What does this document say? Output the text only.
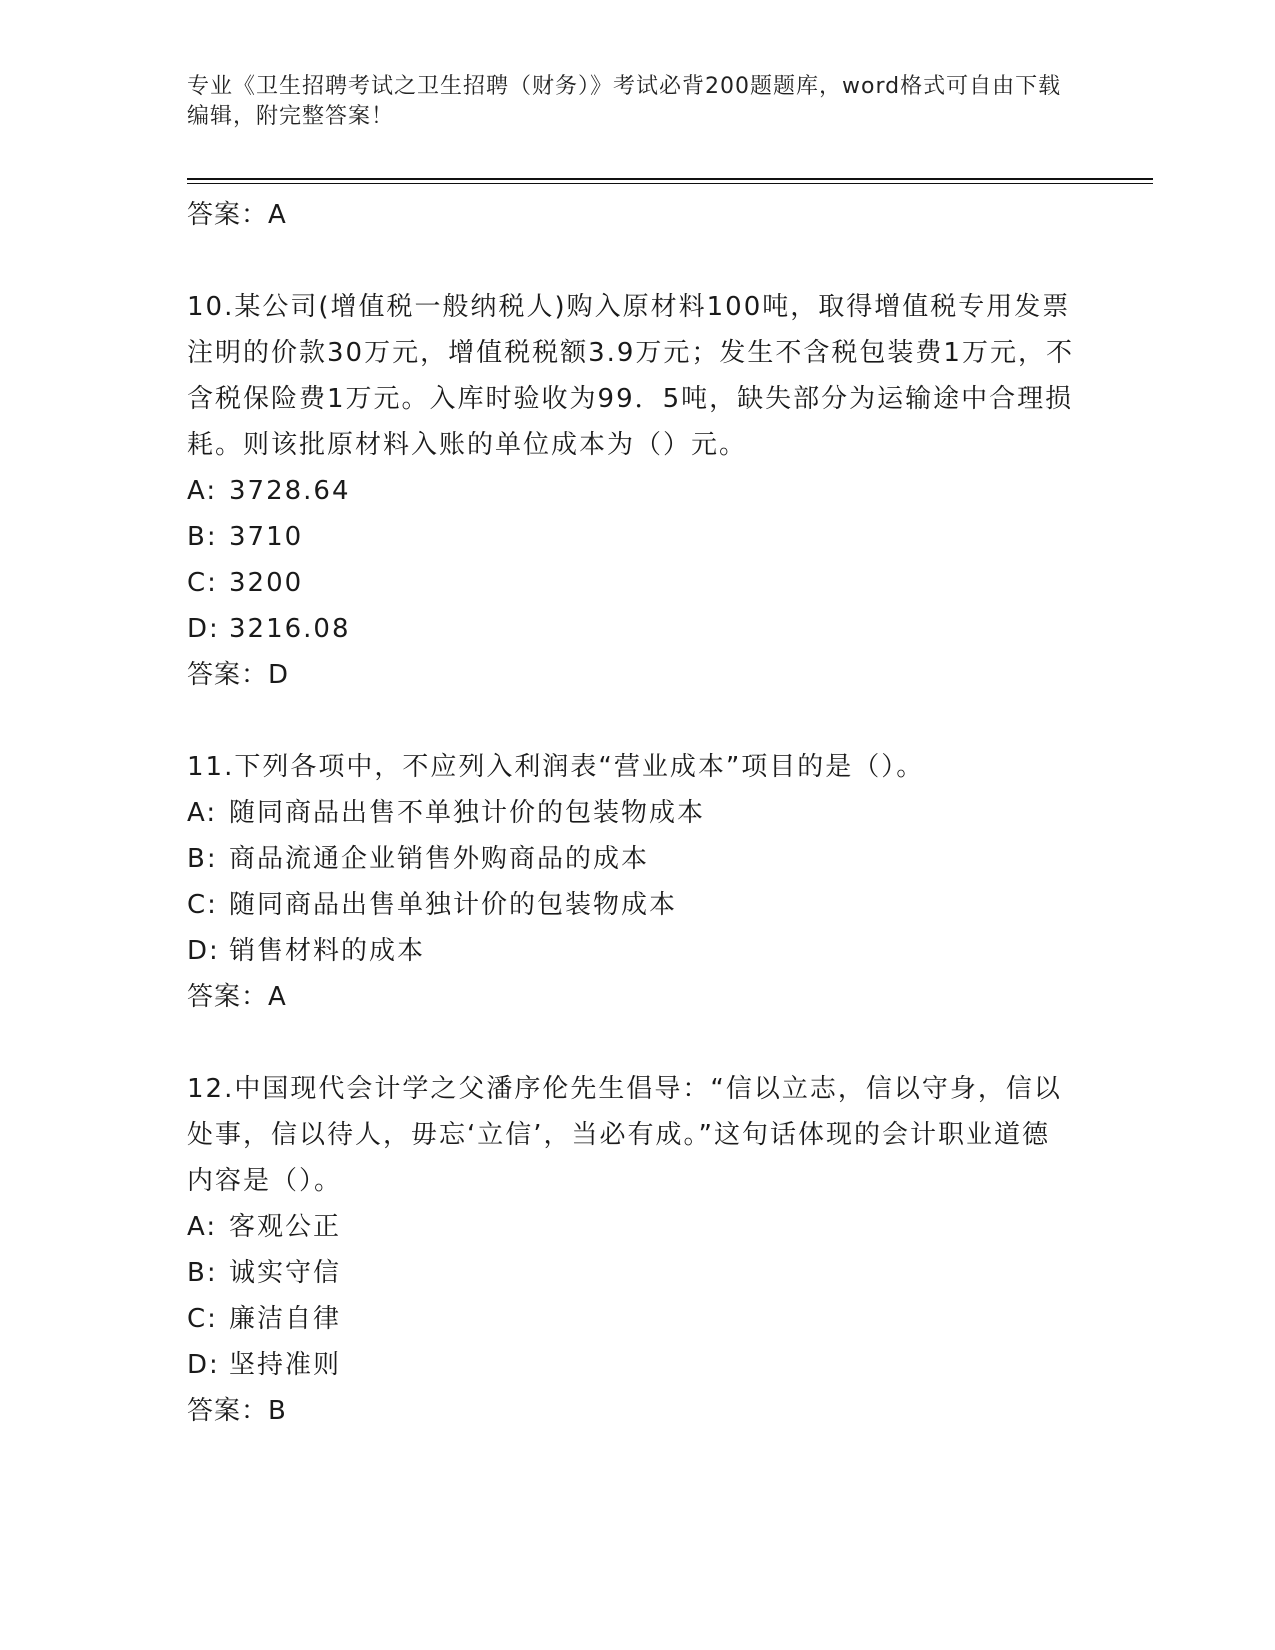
专业《卫生招聘考试之卫生招聘（财务）》考试必背200题题库，word格式可自由下载编辑，附完整答案！
答案：A
10.某公司(增值税一般纳税人)购入原材料100吨，取得增值税专用发票注明的价款30万元，增值税税额3.9万元；发生不含税包装费1万元，不含税保险费1万元。入库时验收为99．5吨，缺失部分为运输途中合理损耗。则该批原材料入账的单位成本为（）元。
A: 3728.64
B: 3710
C: 3200
D: 3216.08
答案：D
11.下列各项中，不应列入利润表“营业成本”项目的是（）。
A: 随同商品出售不单独计价的包装物成本
B: 商品流通企业销售外购商品的成本
C: 随同商品出售单独计价的包装物成本
D: 销售材料的成本
答案：A
12.中国现代会计学之父潘序伦先生倡导：“信以立志，信以守身，信以处事，信以待人，毋忘‘立信’，当必有成。”这句话体现的会计职业道德内容是（）。
A: 客观公正
B: 诚实守信
C: 廉洁自律
D: 坚持准则
答案：B
